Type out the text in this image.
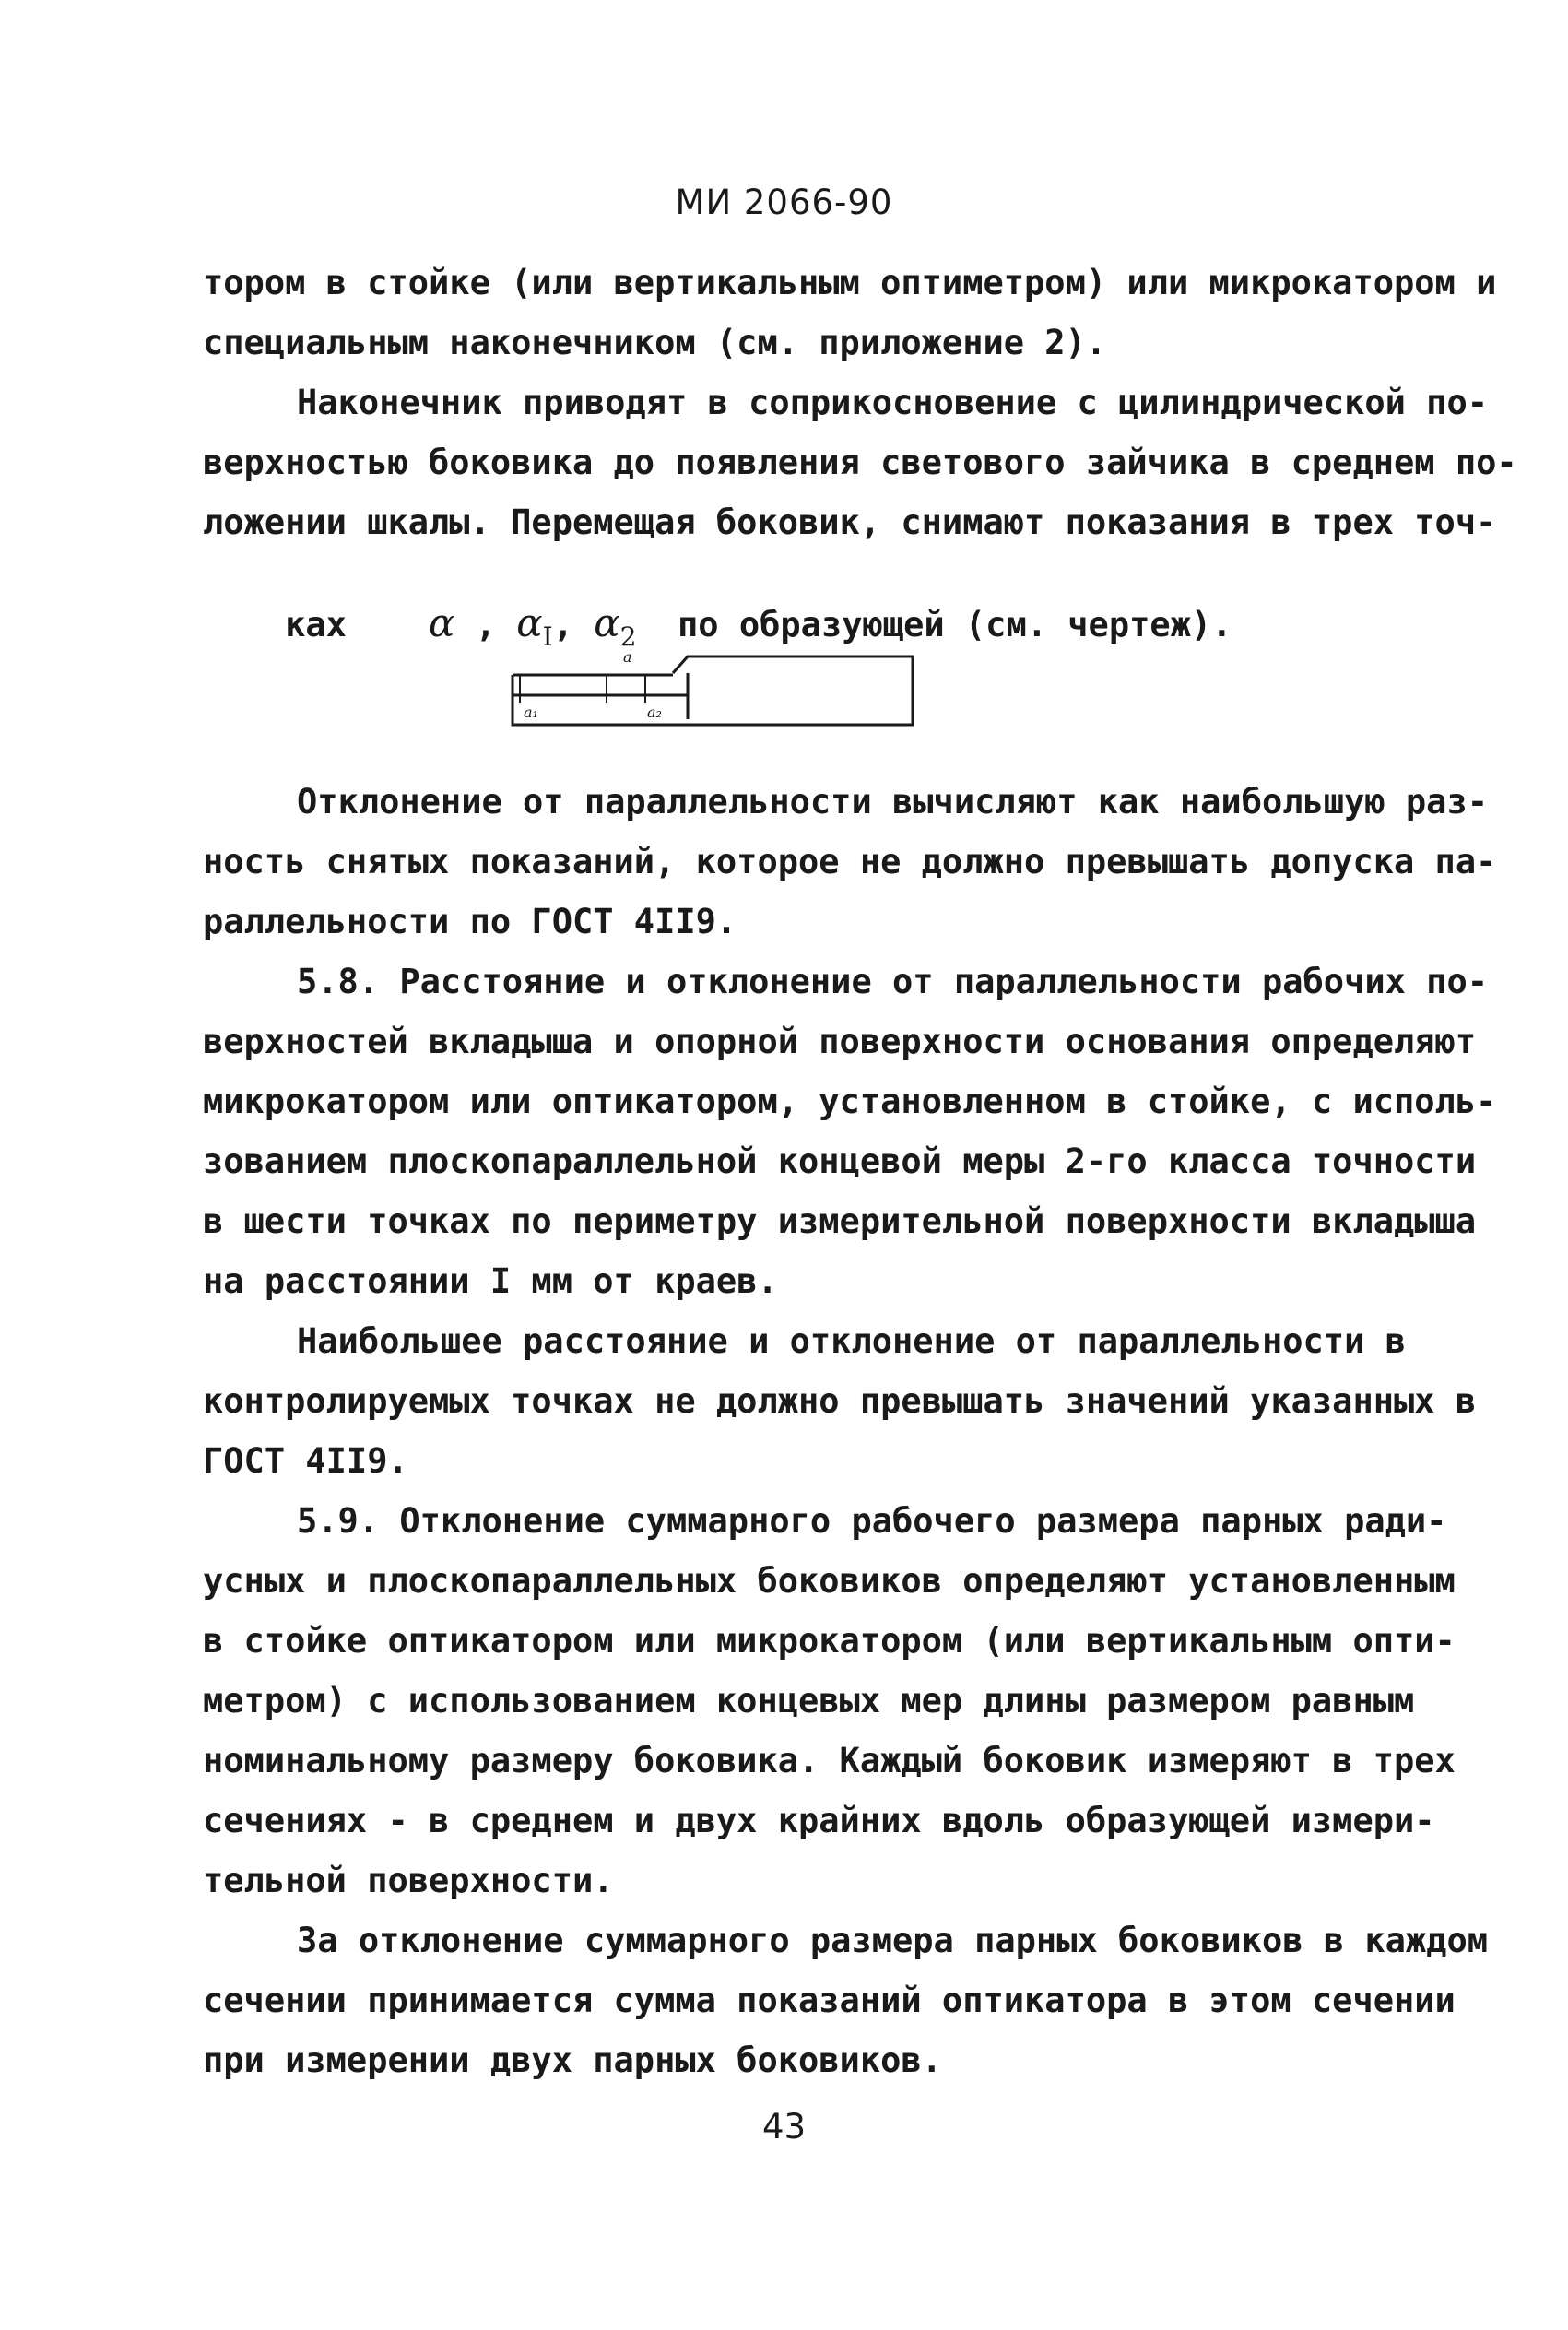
МИ 2066-90
тором в стойке (или вертикальным оптиметром) или микрокатором и
специальным наконечником (см. приложение 2).
Наконечник приводят в соприкосновение с цилиндрической по-
верхностью боковика до появления светового зайчика в среднем по-
ложении шкалы. Перемещая боковик, снимают показания в трех точ-

ках α , $\alpha_I$, $\alpha_2$ по образующей (см. чертеж).

a
a₁	a₂
Отклонение от параллельности вычисляют как наибольшую раз-
ность снятых показаний, которое не должно превышать допуска па-
раллельности по ГОСТ 4II9.
5.8. Расстояние и отклонение от параллельности рабочих по-
верхностей вкладыша и опорной поверхности основания определяют
микрокатором или оптикатором, установленном в стойке, с исполь-
зованием плоскопараллельной концевой меры 2-го класса точности
в шести точках по периметру измерительной поверхности вкладыша
на расстоянии I мм от краев.
Наибольшее расстояние и отклонение от параллельности в
контролируемых точках не должно превышать значений указанных в
ГОСТ 4II9.
5.9. Отклонение суммарного рабочего размера парных ради-
усных и плоскопараллельных боковиков определяют установленным
в стойке оптикатором или микрокатором (или вертикальным опти-
метром) с использованием концевых мер длины размером равным
номинальному размеру боковика. Каждый боковик измеряют в трех
сечениях - в среднем и двух крайних вдоль образующей измери-
тельной поверхности.
За отклонение суммарного размера парных боковиков в каждом
сечении принимается сумма показаний оптикатора в этом сечении
при измерении двух парных боковиков.
43
